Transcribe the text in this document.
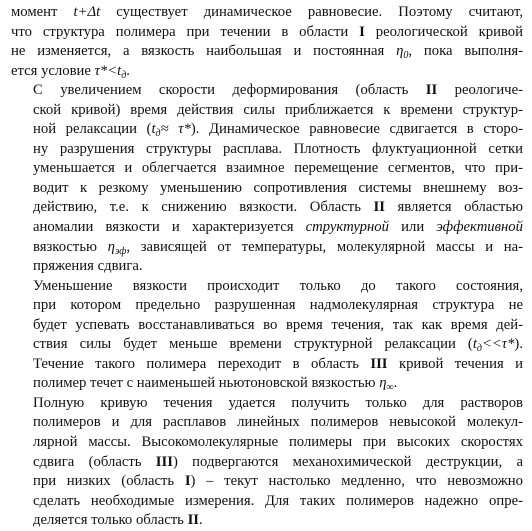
момент t+Δt существует динамическое равновесие. Поэтому считают,
что структура полимера при течении в области I реологической кривой
не изменяется, а вязкость наибольшая и постоянная $\eta_0$, пока выполня-
ется условие $\tau*<t_д$.

С увеличением скорости деформирования (область II реологиче-
ской кривой) время действия силы приближается к времени структур-
ной релаксации $(t_д\approx \tau*)$. Динамическое равновесие сдвигается в сторо-
ну разрушения структуры расплава. Плотность флуктуационной сетки
уменьшается и облегчается взаимное перемещение сегментов, что при-
водит к резкому уменьшению сопротивления системы внешнему воз-
действию, т.е. к снижению вязкости. Область II является областью
аномалии вязкости и характеризуется структурной или эффективной
вязкостью $\eta_{эф}$, зависящей от температуры, молекулярной массы и на-
пряжения сдвига.

Уменьшение вязкости происходит только до такого состояния,
при котором предельно разрушенная надмолекулярная структура не
будет успевать восстанавливаться во время течения, так как время дей-
ствия силы будет меньше времени структурной релаксации $(t_д<<\tau*)$.
Течение такого полимера переходит в область III кривой течения и
полимер течет с наименьшей ньютоновской вязкостью $\eta_\infty$.

Полную кривую течения удается получить только для растворов
полимеров и для расплавов линейных полимеров невысокой молекул-
лярной массы. Высокомолекулярные полимеры при высоких скоростях
сдвига (область III) подвергаются механохимической деструкции, а
при низких (область I) – текут настолько медленно, что невозможно
сделать необходимые измерения. Для таких полимеров надежно опре-
деляется только область II.
